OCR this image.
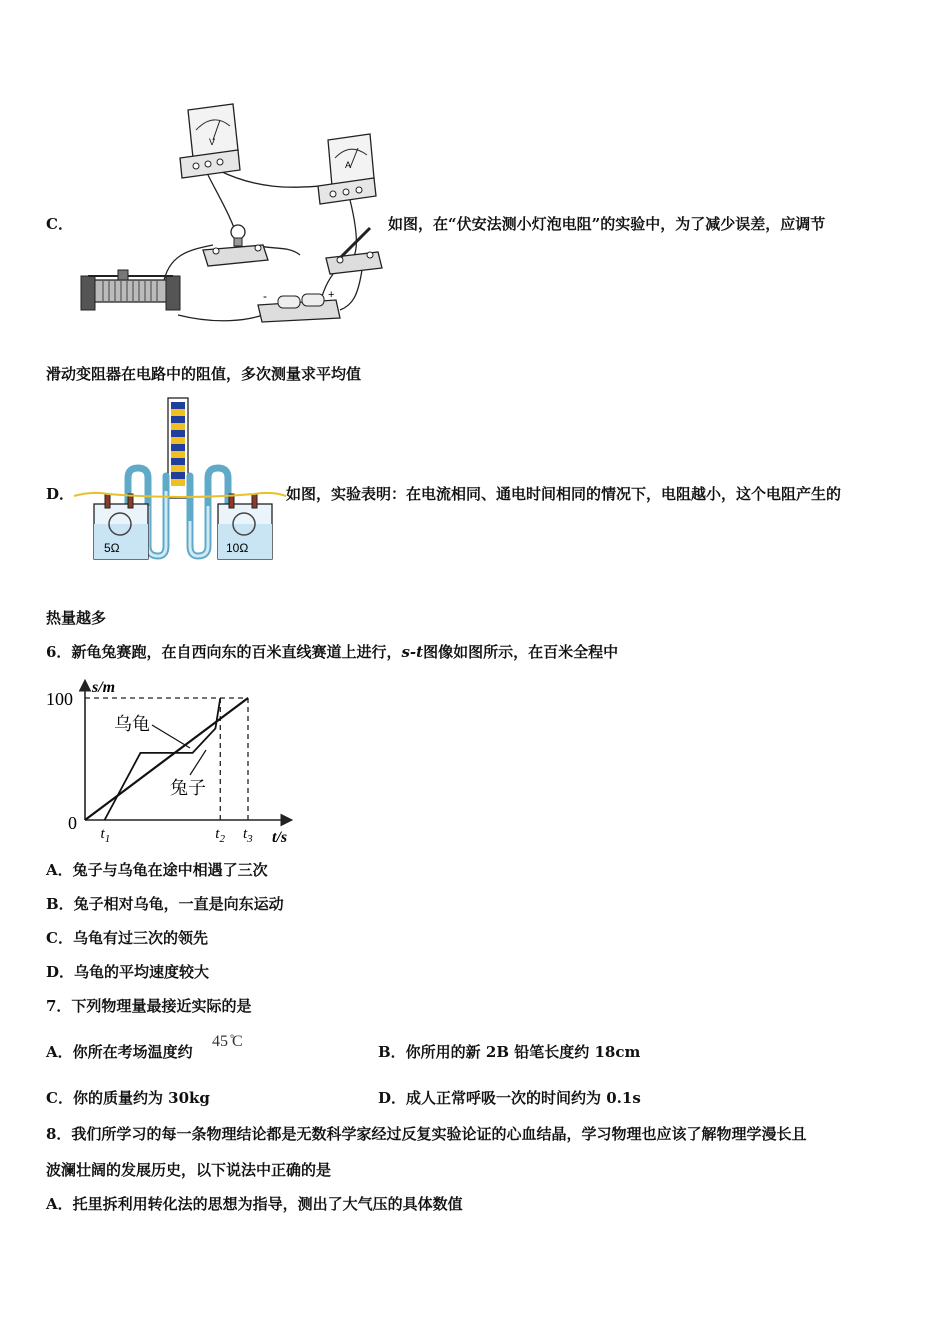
C．
V
A
-	+
如图，在“伏安法测小灯泡电阻”的实验中，为了减少误差，应调节
滑动变阻器在电路中的阻值，多次测量求平均值
D．
5Ω	10Ω
如图，实验表明：在电流相同、通电时间相同的情况下，电阻越小，这个电阻产生的
热量越多
6．新龟兔赛跑，在自西向东的百米直线赛道上进行，s-t图像如图所示，在百米全程中
乌龟
兔子
100
0
s/m
t/s
$t_1$	$t_2$ $t_3$
A．兔子与乌龟在途中相遇了三次
B．兔子相对乌龟，一直是向东运动
C．乌龟有过三次的领先
D．乌龟的平均速度较大
7．下列物理量最接近实际的是
A．你所在考场温度约
45 ̊C
B．你所用的新 2B 铅笔长度约 18cm
C．你的质量约为 30kg	D．成人正常呼吸一次的时间约为 0.1s
8．我们所学习的每一条物理结论都是无数科学家经过反复实验论证的心血结晶，学习物理也应该了解物理学漫长且
波澜壮阔的发展历史，以下说法中正确的是
A．托里拆利用转化法的思想为指导，测出了大气压的具体数值
